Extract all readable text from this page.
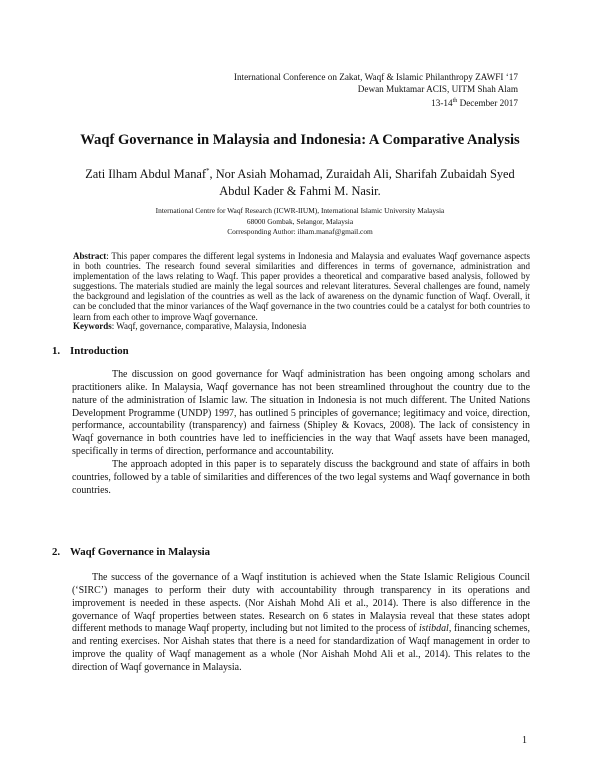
International Conference on Zakat, Waqf & Islamic Philanthropy ZAWFI ‘17
Dewan Muktamar ACIS, UITM Shah Alam
13-14th December 2017
Waqf Governance in Malaysia and Indonesia: A Comparative Analysis
Zati Ilham Abdul Manaf*, Nor Asiah Mohamad, Zuraidah Ali, Sharifah Zubaidah Syed Abdul Kader & Fahmi M. Nasir.
International Centre for Waqf Research (ICWR-IIUM), International Islamic University Malaysia
68000 Gombak, Selangor, Malaysia
Corresponding Author: ilham.manaf@gmail.com
Abstract: This paper compares the different legal systems in Indonesia and Malaysia and evaluates Waqf governance aspects in both countries. The research found several similarities and differences in terms of governance, administration and implementation of the laws relating to Waqf. This paper provides a theoretical and comparative based analysis, followed by suggestions. The materials studied are mainly the legal sources and relevant literatures. Several challenges are found, namely the background and legislation of the countries as well as the lack of awareness on the dynamic function of Waqf. Overall, it can be concluded that the minor variances of the Waqf governance in the two countries could be a catalyst for both countries to learn from each other to improve Waqf governance.
Keywords: Waqf, governance, comparative, Malaysia, Indonesia
1. Introduction

The discussion on good governance for Waqf administration has been ongoing among scholars and practitioners alike. In Malaysia, Waqf governance has not been streamlined throughout the country due to the nature of the administration of Islamic law. The situation in Indonesia is not much different. The United Nations Development Programme (UNDP) 1997, has outlined 5 principles of governance; legitimacy and voice, direction, performance, accountability (transparency) and fairness (Shipley & Kovacs, 2008). The lack of consistency in Waqf governance in both countries have led to inefficiencies in the way that Waqf assets have been managed, specifically in terms of direction, performance and accountability.

The approach adopted in this paper is to separately discuss the background and state of affairs in both countries, followed by a table of similarities and differences of the two legal systems and Waqf governance in both countries.

2. Waqf Governance in Malaysia

The success of the governance of a Waqf institution is achieved when the State Islamic Religious Council (‘SIRC’) manages to perform their duty with accountability through transparency in its operations and improvement is needed in these aspects. (Nor Aishah Mohd Ali et al., 2014). There is also difference in the governance of Waqf properties between states. Research on 6 states in Malaysia reveal that these states adopt different methods to manage Waqf property, including but not limited to the process of istibdal, financing schemes, and renting exercises. Nor Aishah states that there is a need for standardization of Waqf management in order to improve the quality of Waqf management as a whole (Nor Aishah Mohd Ali et al., 2014). This relates to the direction of Waqf governance in Malaysia.

1
